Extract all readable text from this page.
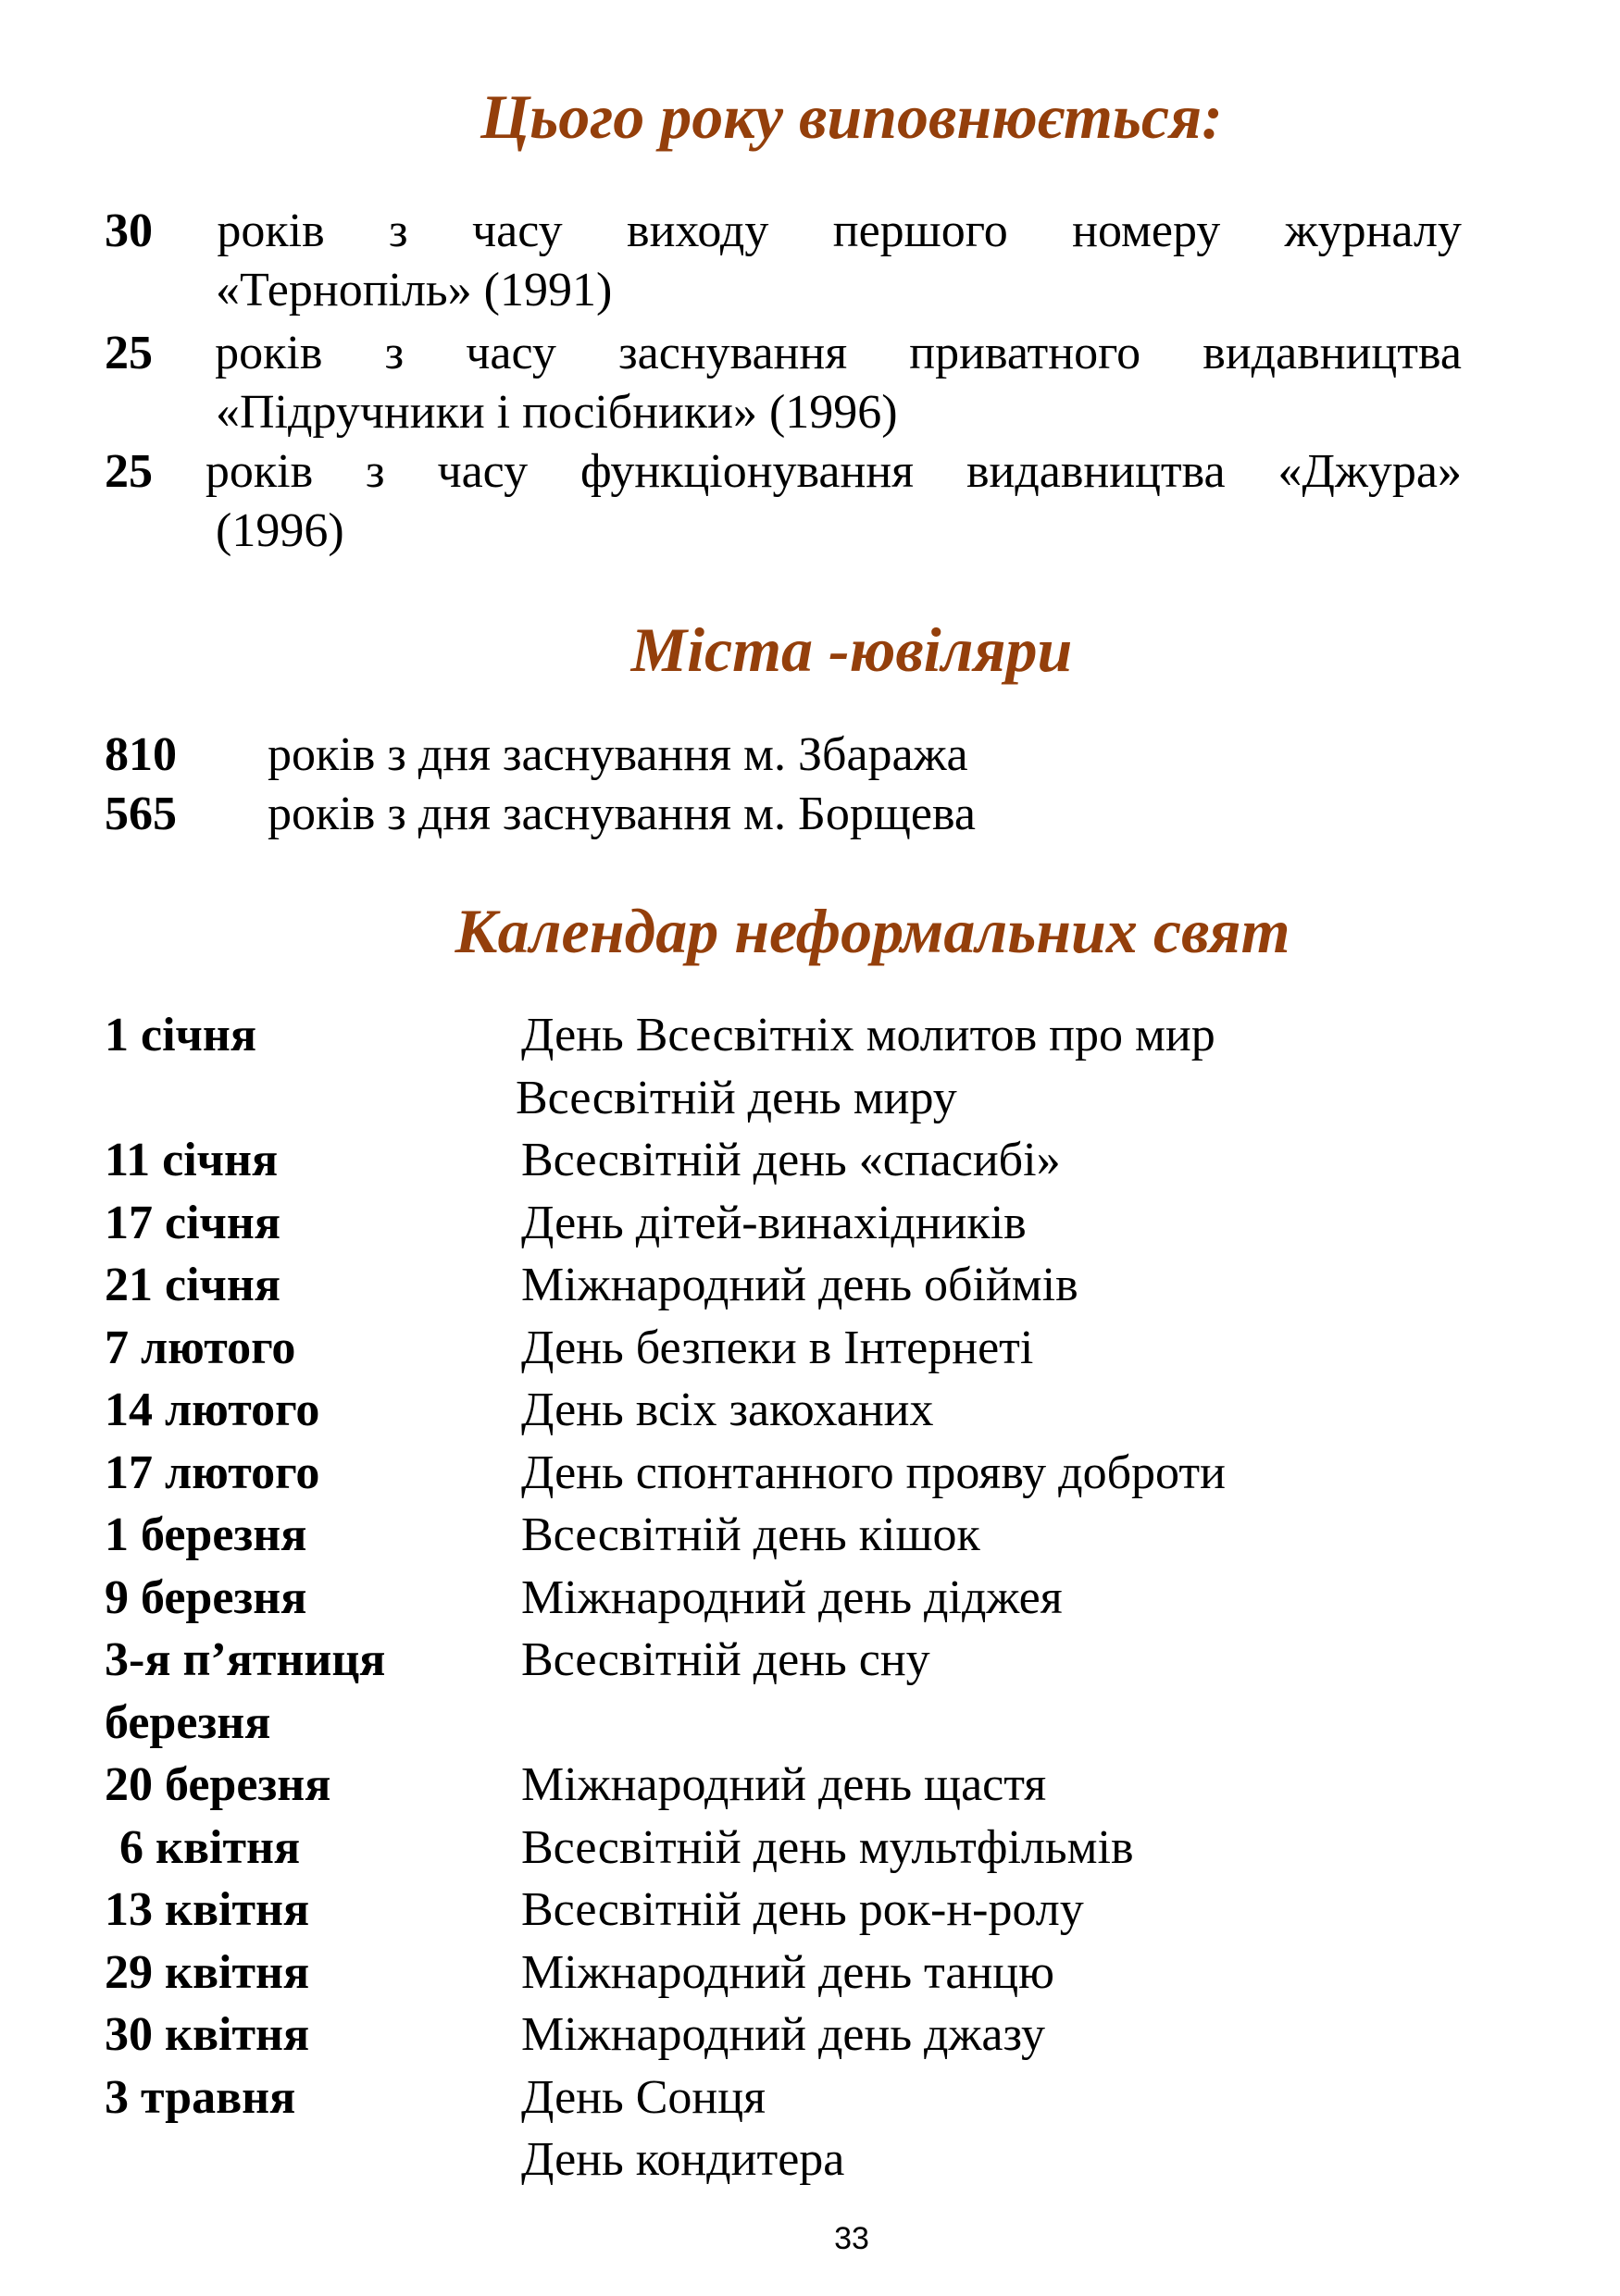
Цього року виповнюється:
30 років з часу виходу першого номеру журналу
«Тернопіль» (1991)
25 років з часу заснування приватного видавництва
«Підручники і посібники» (1996)
25 років з часу функціонування видавництва «Джура»
(1996)
Міста -ювіляри
810 років з дня заснування м. Збаража
565 років з дня заснування м. Борщева
Календар неформальних свят
1 січня	День Всесвітніх молитов про мир
Всесвітній день миру
11 січня	Всесвітній день «спасибі»
17 січня	День дітей-винахідників
21 січня	Міжнародний день обіймів
7 лютого	День безпеки в Інтернеті
14 лютого	День всіх закоханих
17 лютого	День спонтанного прояву доброти
1 березня	Всесвітній день кішок
9 березня	Міжнародний день діджея
3-я п’ятниця	Всесвітній день сну
березня
20 березня	Міжнародний день щастя
6 квітня	Всесвітній день мультфільмів
13 квітня	Всесвітній день рок-н-ролу
29 квітня	Міжнародний день танцю
30 квітня	Міжнародний день джазу
3 травня	День Сонця
День кондитера
33
